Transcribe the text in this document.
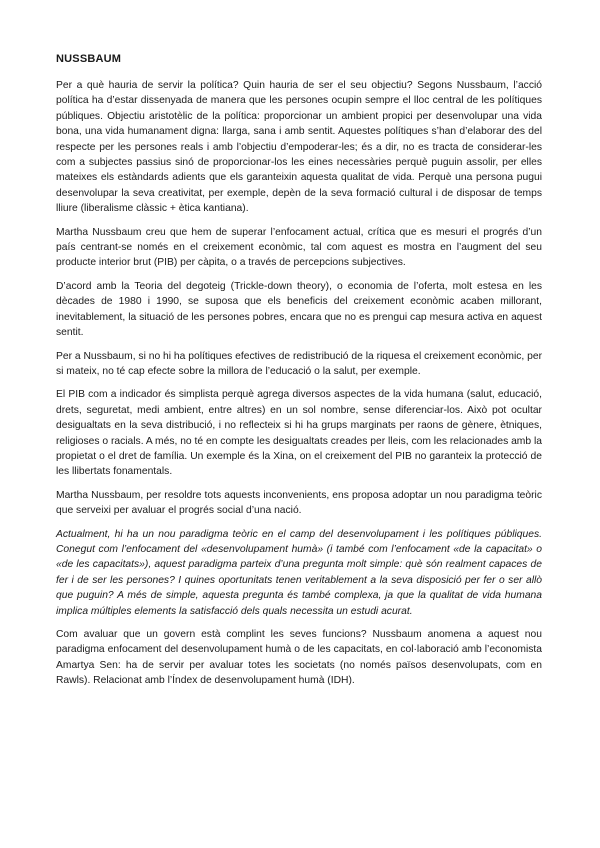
NUSSBAUM

Per a què hauria de servir la política? Quin hauria de ser el seu objectiu? Segons Nussbaum, l’acció política ha d’estar dissenyada de manera que les persones ocupin sempre el lloc central de les polítiques públiques. Objectiu aristotèlic de la política: proporcionar un ambient propici per desenvolupar una vida bona, una vida humanament digna: llarga, sana i amb sentit. Aquestes polítiques s’han d’elaborar des del respecte per les persones reals i amb l’objectiu d’empoderar-les; és a dir, no es tracta de considerar-les com a subjectes passius sinó de proporcionar-los les eines necessàries perquè puguin assolir, per elles mateixes els estàndards adients que els garanteixin aquesta qualitat de vida. Perquè una persona pugui desenvolupar la seva creativitat, per exemple, depèn de la seva formació cultural i de disposar de temps lliure (liberalisme clàssic + ètica kantiana).

Martha Nussbaum creu que hem de superar l’enfocament actual, crítica que es mesuri el progrés d’un país centrant-se només en el creixement econòmic, tal com aquest es mostra en l’augment del seu producte interior brut (PIB) per càpita, o a través de percepcions subjectives.

D’acord amb la Teoria del degoteig (Trickle-down theory), o economia de l’oferta, molt estesa en les dècades de 1980 i 1990, se suposa que els beneficis del creixement econòmic acaben millorant, inevitablement, la situació de les persones pobres, encara que no es prengui cap mesura activa en aquest sentit.

Per a Nussbaum, si no hi ha polítiques efectives de redistribució de la riquesa el creixement econòmic, per si mateix, no té cap efecte sobre la millora de l’educació o la salut, per exemple.

El PIB com a indicador és simplista perquè agrega diversos aspectes de la vida humana (salut, educació, drets, seguretat, medi ambient, entre altres) en un sol nombre, sense diferenciar-los. Això pot ocultar desigualtats en la seva distribució, i no reflecteix si hi ha grups marginats per raons de gènere, ètniques, religioses o racials. A més, no té en compte les desigualtats creades per lleis, com les relacionades amb la propietat o el dret de família. Un exemple és la Xina, on el creixement del PIB no garanteix la protecció de les llibertats fonamentals.

Martha Nussbaum, per resoldre tots aquests inconvenients, ens proposa adoptar un nou paradigma teòric que serveixi per avaluar el progrés social d’una nació.

Actualment, hi ha un nou paradigma teòric en el camp del desenvolupament i les polítiques públiques. Conegut com l’enfocament del «desenvolupament humà» (i també com l’enfocament «de la capacitat» o «de les capacitats»), aquest paradigma parteix d’una pregunta molt simple: què són realment capaces de fer i de ser les persones? I quines oportunitats tenen veritablement a la seva disposició per fer o ser allò que puguin? A més de simple, aquesta pregunta és també complexa, ja que la qualitat de vida humana implica múltiples elements la satisfacció dels quals necessita un estudi acurat.

Com avaluar que un govern està complint les seves funcions? Nussbaum anomena a aquest nou paradigma enfocament del desenvolupament humà o de les capacitats, en col·laboració amb l’economista Amartya Sen: ha de servir per avaluar totes les societats (no només països desenvolupats, com en Rawls). Relacionat amb l’Índex de desenvolupament humà (IDH).
